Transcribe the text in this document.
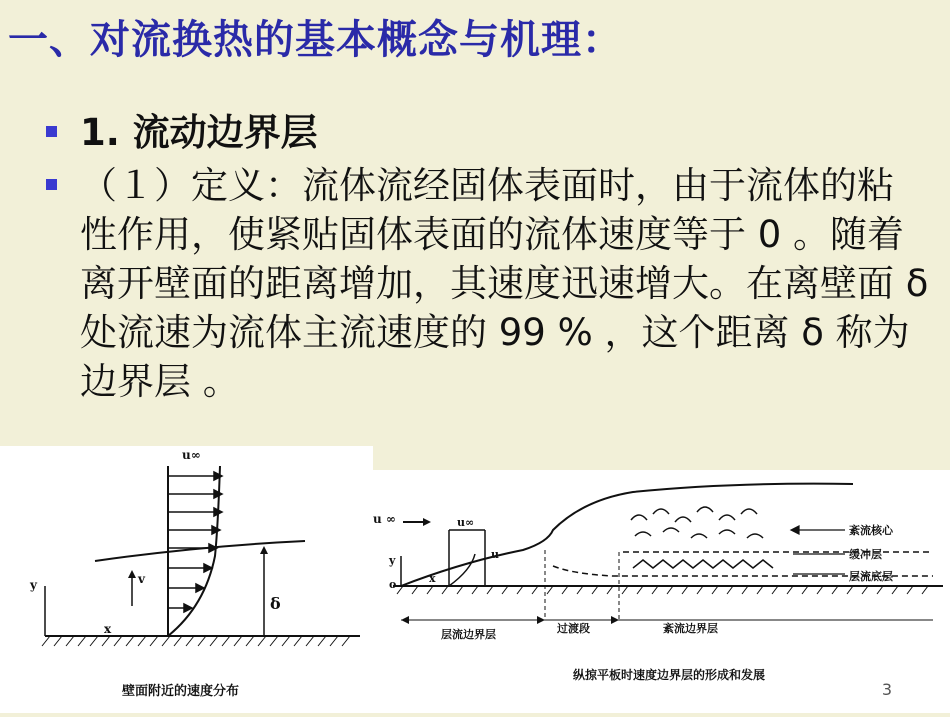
一、对流换热的基本概念与机理：
1. 流动边界层
（１）定义：流体流经固体表面时，由于流体的粘性作用，使紧贴固体表面的流体速度等于 0 。随着离开壁面的距离增加，其速度迅速增大。在离壁面 δ 处流速为流体主流速度的 99 % ，这个距离 δ 称为边界层 。
u∞
y
x
v
δ
壁面附近的速度分布
u ∞	u∞
u
y
x
o
紊流核心
缓冲层
层流底层
层流边界层	过渡段	紊流边界层
纵掠平板时速度边界层的形成和发展
3
